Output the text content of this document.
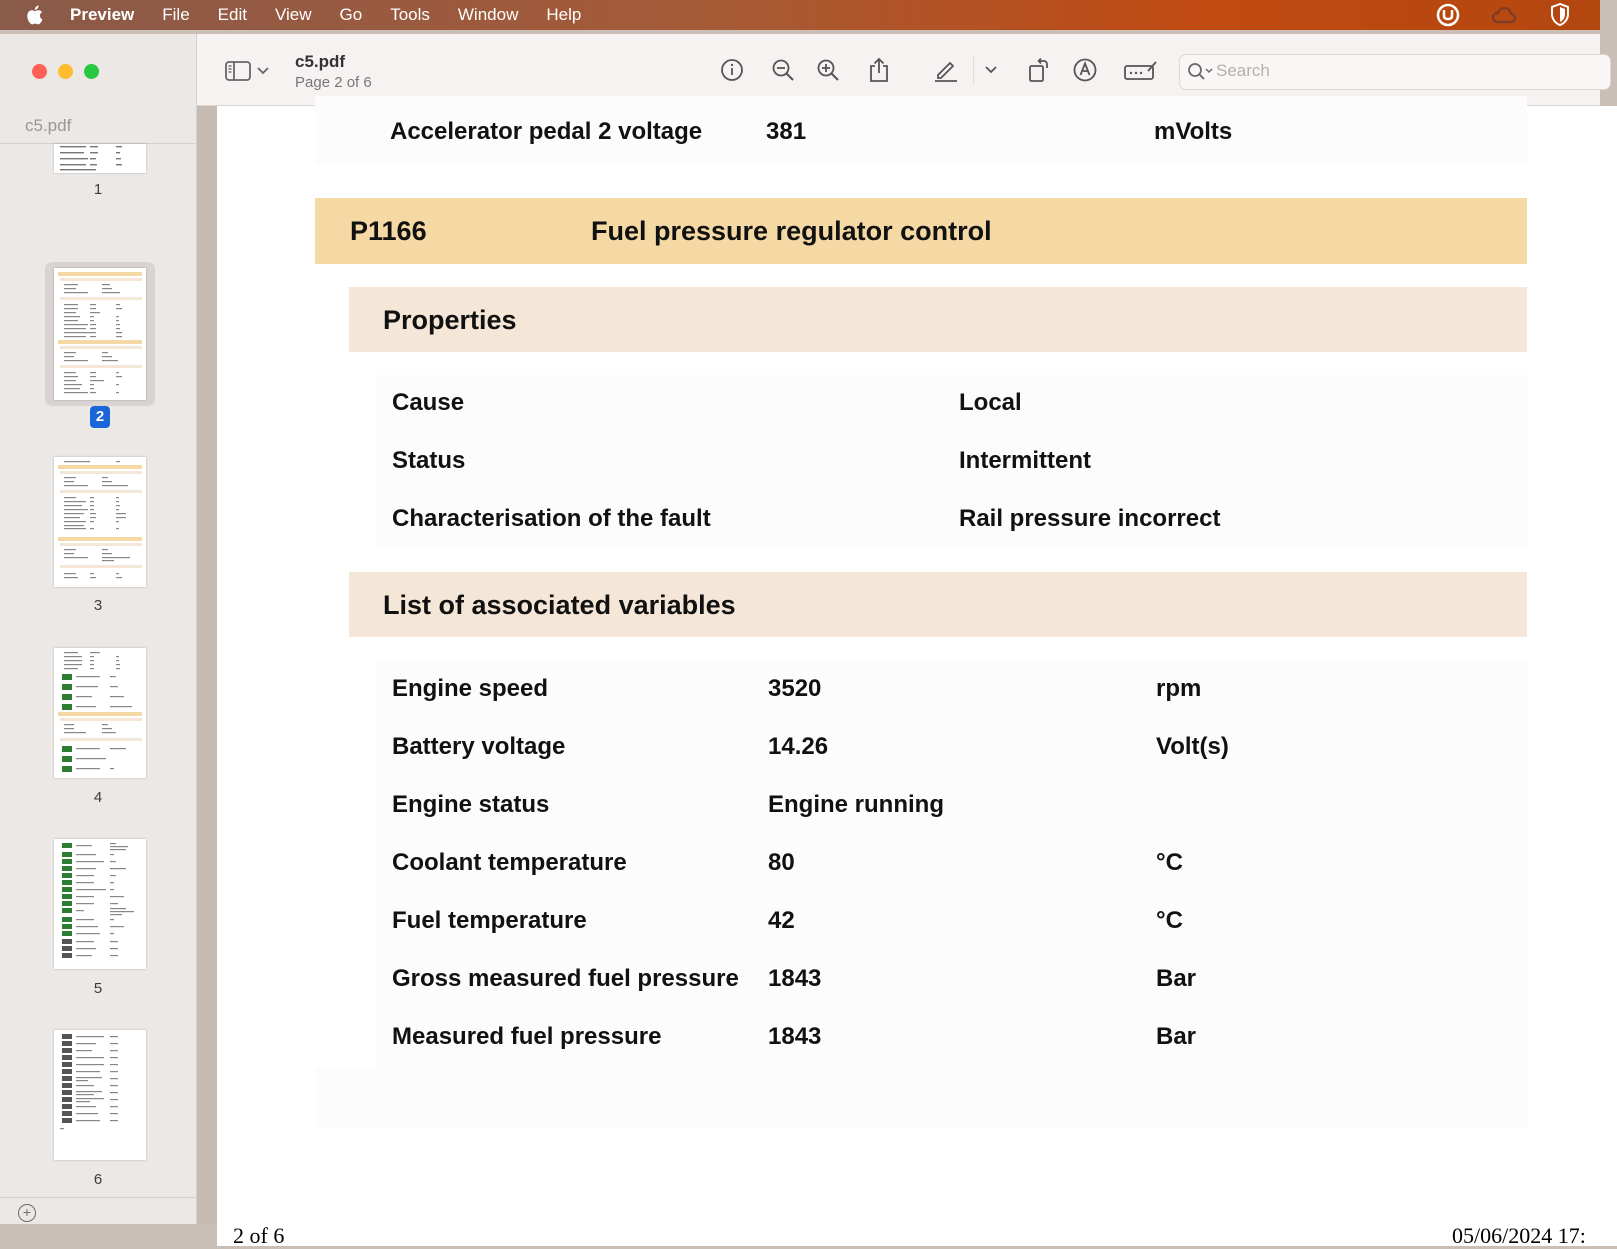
Preview File Edit View Go Tools Window Help
c5.pdf
1
2
3
4
5
6
+
c5.pdf
Page 2 of 6
Search
Accelerator pedal 2 voltage	381	mVolts
P1166	Fuel pressure regulator control
Properties
Cause	Local
Status	Intermittent
Characterisation of the fault	Rail pressure incorrect
List of associated variables
Engine speed	3520	rpm
Battery voltage	14.26	Volt(s)
Engine status	Engine running
Coolant temperature	80	°C
Fuel temperature	42	°C
Gross measured fuel pressure 1843	Bar
Measured fuel pressure	1843	Bar
2 of 6	05/06/2024 17:
